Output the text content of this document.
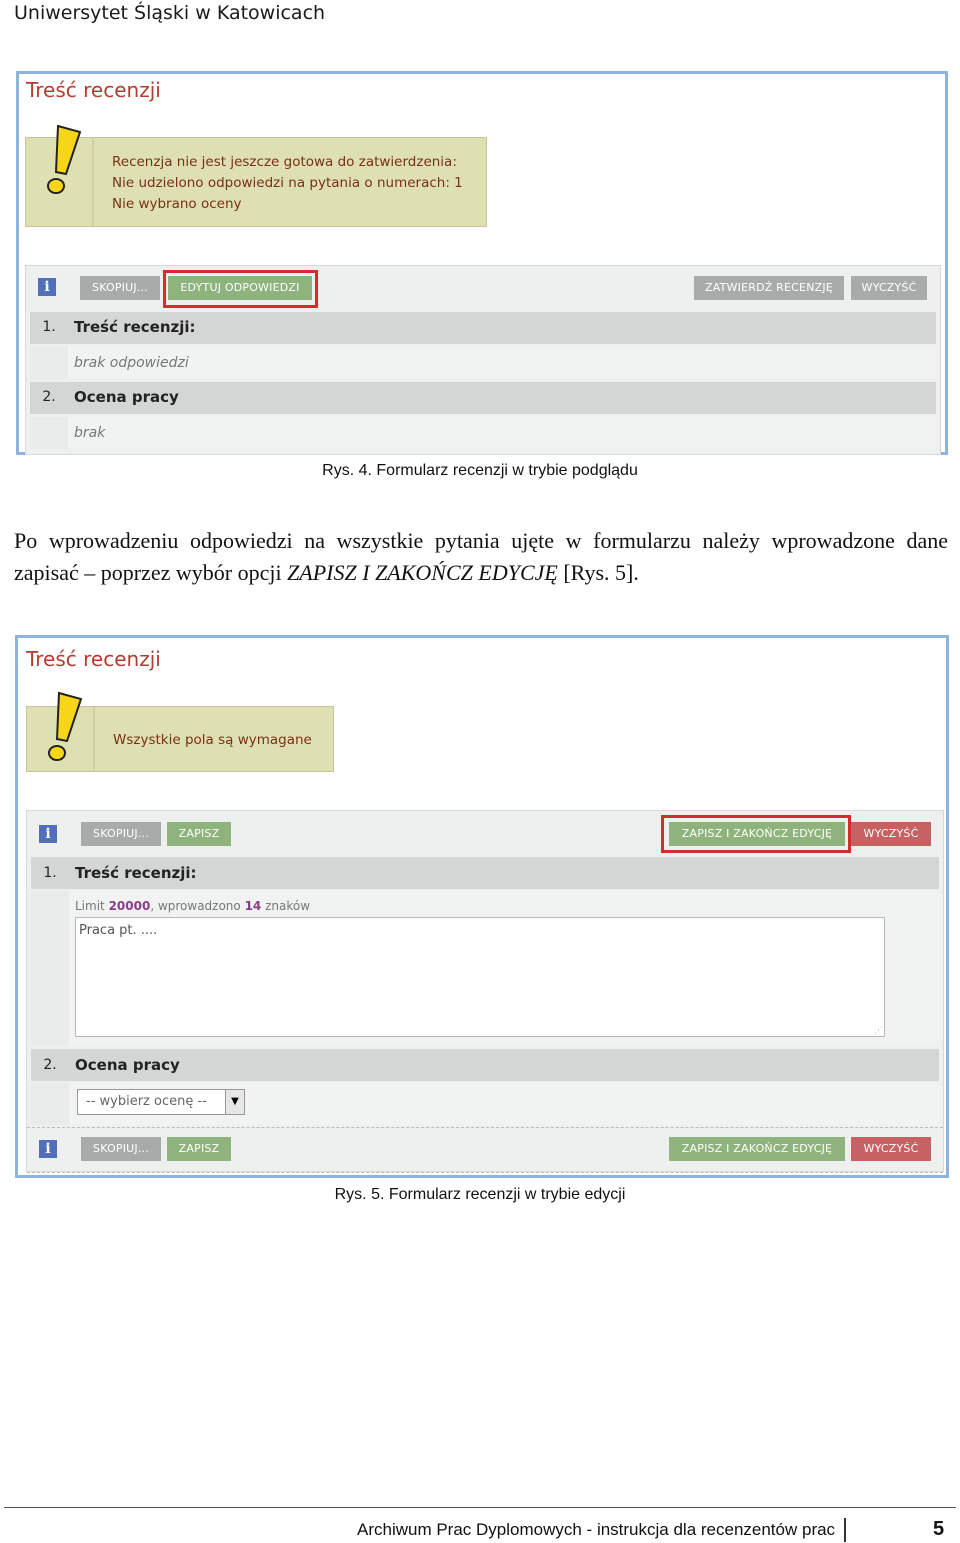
Uniwersytet Śląski w Katowicach
Treść recenzji
Recenzja nie jest jeszcze gotowa do zatwierdzenia:
Nie udzielono odpowiedzi na pytania o numerach: 1
Nie wybrano oceny
i	SKOPIUJ...	EDYTUJ ODPOWIEDZI	ZATWIERDŹ RECENZJĘ	WYCZYŚĆ
1.	Treść recenzji:
brak odpowiedzi
2.	Ocena pracy
brak
Rys. 4. Formularz recenzji w trybie podglądu
Po wprowadzeniu odpowiedzi na wszystkie pytania ujęte w formularzu należy wprowadzone dane zapisać – poprzez wybór opcji ZAPISZ I ZAKOŃCZ EDYCJĘ [Rys. 5].
Treść recenzji
Wszystkie pola są wymagane
i	SKOPIUJ...	ZAPISZ	ZAPISZ I ZAKOŃCZ EDYCJĘ	WYCZYŚĆ
1.	Treść recenzji:
Limit 20000, wprowadzono 14 znaków
Praca pt. ....
⋰
2.	Ocena pracy
-- wybierz ocenę --	▼
i	SKOPIUJ...	ZAPISZ	ZAPISZ I ZAKOŃCZ EDYCJĘ	WYCZYŚĆ
Rys. 5. Formularz recenzji w trybie edycji
Archiwum Prac Dyplomowych - instrukcja dla recenzentów prac	5
